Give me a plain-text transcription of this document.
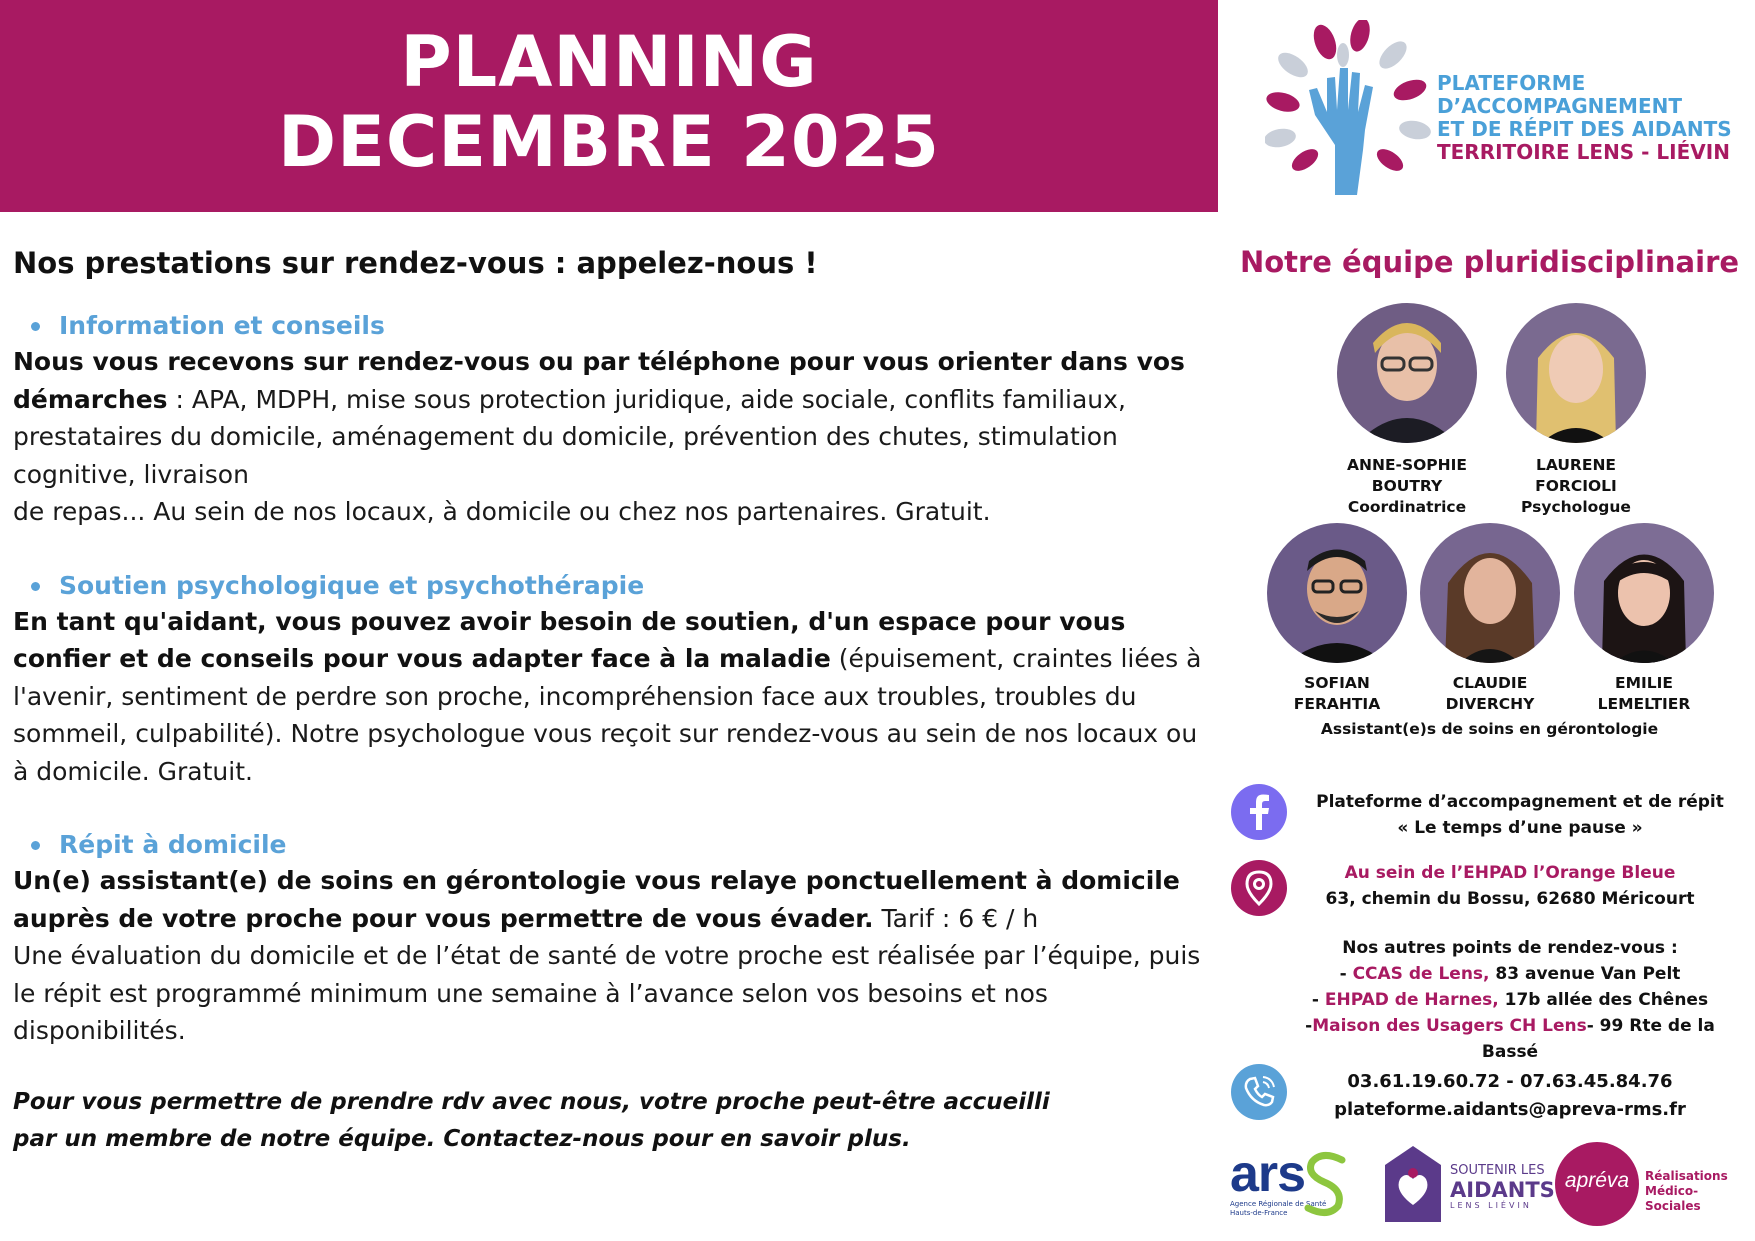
PLANNING
DECEMBRE 2025
PLATEFORME
D’ACCOMPAGNEMENT
ET DE RÉPIT DES AIDANTS
TERRITOIRE LENS - LIÉVIN
Nos prestations sur rendez-vous : appelez-nous !
Information et conseils

Nous vous recevons sur rendez-vous ou par téléphone pour vous orienter dans vos démarches : APA, MDPH, mise sous protection juridique, aide sociale, conflits familiaux, prestataires du domicile, aménagement du domicile, prévention des chutes, stimulation cognitive, livraison
de repas... Au sein de nos locaux, à domicile ou chez nos partenaires. Gratuit.

Soutien psychologique et psychothérapie

En tant qu'aidant, vous pouvez avoir besoin de soutien, d'un espace pour vous confier et de conseils pour vous adapter face à la maladie (épuisement, craintes liées à l'avenir, sentiment de perdre son proche, incompréhension face aux troubles, troubles du sommeil, culpabilité). Notre psychologue vous reçoit sur rendez-vous au sein de nos locaux ou à domicile. Gratuit.

Répit à domicile

Un(e) assistant(e) de soins en gérontologie vous relaye ponctuellement à domicile auprès de votre proche pour vous permettre de vous évader. Tarif : 6 € / h
Une évaluation du domicile et de l’état de santé de votre proche est réalisée par l’équipe, puis le répit est programmé minimum une semaine à l’avance selon vos besoins et nos disponibilités.

Pour vous permettre de prendre rdv avec nous, votre proche peut-être accueilli
par un membre de notre équipe. Contactez-nous pour en savoir plus.
Notre équipe pluridisciplinaire
ANNE-SOPHIE
BOUTRY
Coordinatrice
LAURENE
FORCIOLI
Psychologue
SOFIAN
FERAHTIA
CLAUDIE
DIVERCHY
EMILIE
LEMELTIER
Assistant(e)s de soins en gérontologie
Plateforme d’accompagnement et de répit
« Le temps d’une pause »
Au sein de l’EHPAD l’Orange Bleue
63, chemin du Bossu, 62680 Méricourt
Nos autres points de rendez-vous :
- CCAS de Lens, 83 avenue Van Pelt
- EHPAD de Harnes, 17b allée des Chênes
-Maison des Usagers CH Lens- 99 Rte de la
Bassé
03.61.19.60.72 - 07.63.45.84.76
plateforme.aidants@apreva-rms.fr
ars
Agence Régionale de Santé
Hauts-de-France
SOUTENIR LES
AIDANTS
LENS LIÉVIN
apréva	Réalisations
Médico-Sociales
